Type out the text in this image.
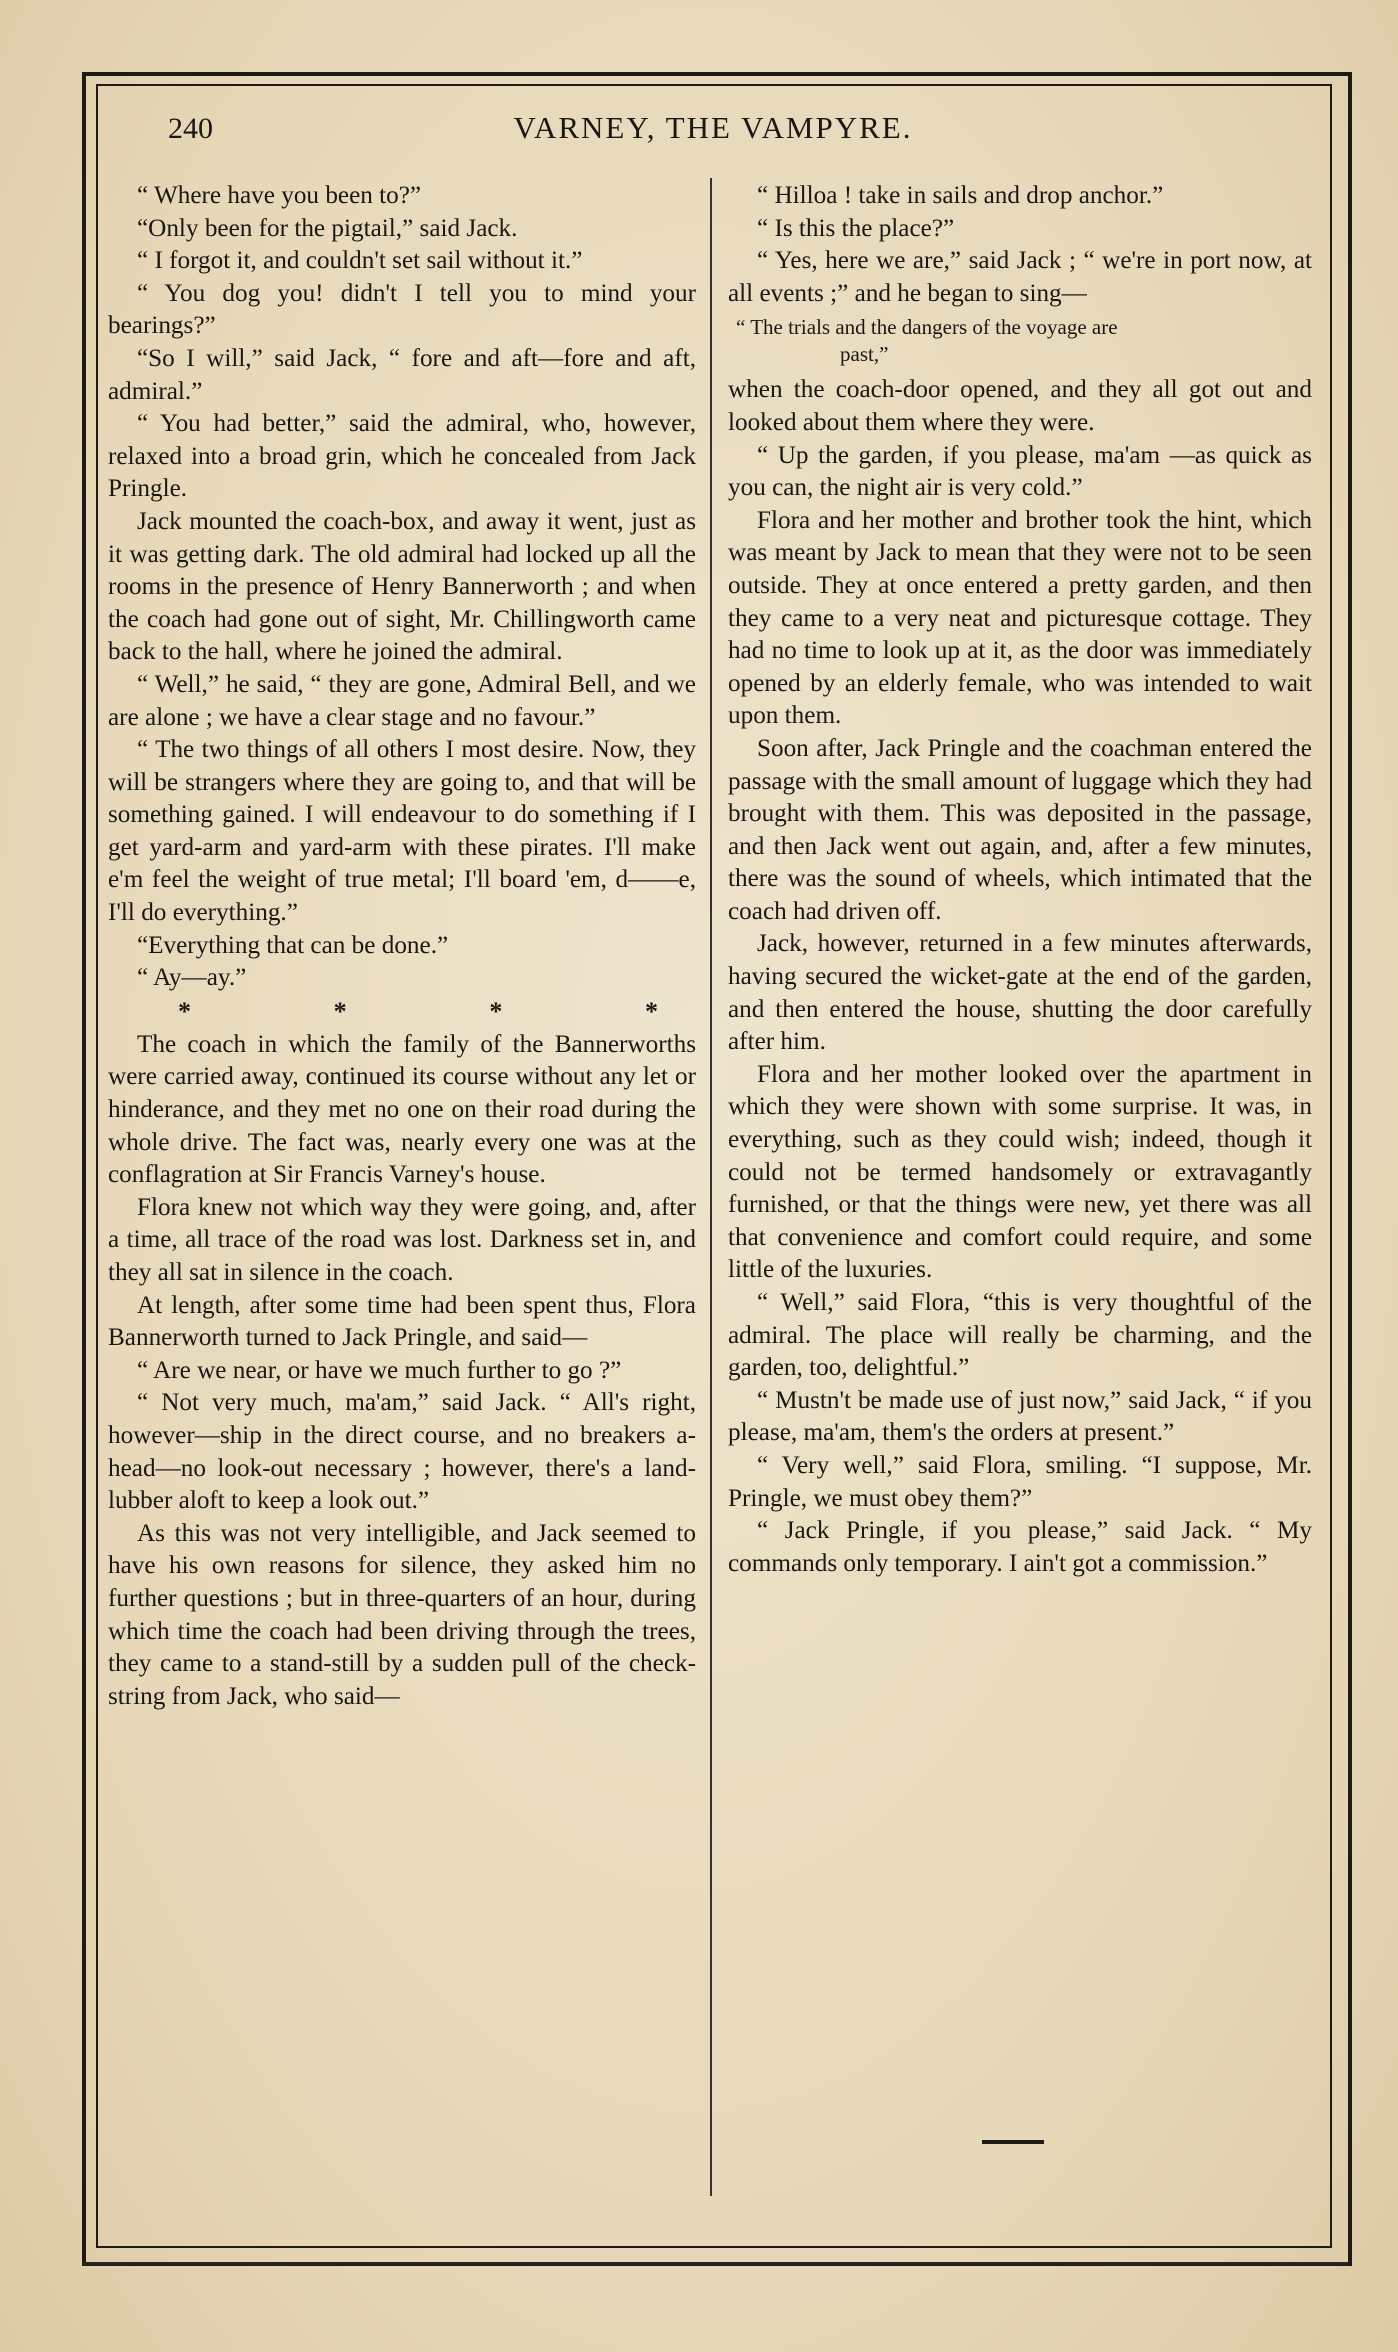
240	VARNEY, THE VAMPYRE.

“ Where have you been to?”

“Only been for the pigtail,” said Jack.

“ I forgot it, and couldn't set sail without it.”

“ You dog you! didn't I tell you to mind your bearings?”

“So I will,” said Jack, “ fore and aft—fore and aft, admiral.”

“ You had better,” said the admiral, who, however, relaxed into a broad grin, which he concealed from Jack Pringle.

Jack mounted the coach-box, and away it went, just as it was getting dark. The old admiral had locked up all the rooms in the presence of Henry Bannerworth ; and when the coach had gone out of sight, Mr. Chillingworth came back to the hall, where he joined the admiral.

“ Well,” he said, “ they are gone, Admiral Bell, and we are alone ; we have a clear stage and no favour.”

“ The two things of all others I most desire. Now, they will be strangers where they are going to, and that will be something gained. I will endeavour to do something if I get yard-arm and yard-arm with these pirates. I'll make e'm feel the weight of true metal; I'll board 'em, d——e, I'll do everything.”

“Everything that can be done.”

“ Ay—ay.”

*	*	*	*

The coach in which the family of the Bannerworths were carried away, continued its course without any let or hinderance, and they met no one on their road during the whole drive. The fact was, nearly every one was at the conflagration at Sir Francis Varney's house.

Flora knew not which way they were going, and, after a time, all trace of the road was lost. Darkness set in, and they all sat in silence in the coach.

At length, after some time had been spent thus, Flora Bannerworth turned to Jack Pringle, and said—

“ Are we near, or have we much further to go ?”

“ Not very much, ma'am,” said Jack. “ All's right, however—ship in the direct course, and no breakers a-head—no look-out necessary ; however, there's a land-lubber aloft to keep a look out.”

As this was not very intelligible, and Jack seemed to have his own reasons for silence, they asked him no further questions ; but in three-quarters of an hour, during which time the coach had been driving through the trees, they came to a stand-still by a sudden pull of the check-string from Jack, who said—

“ Hilloa ! take in sails and drop anchor.”

“ Is this the place?”

“ Yes, here we are,” said Jack ; “ we're in port now, at all events ;” and he began to sing—

“ The trials and the dangers of the voyage are
past,”

when the coach-door opened, and they all got out and looked about them where they were.

“ Up the garden, if you please, ma'am —as quick as you can, the night air is very cold.”

Flora and her mother and brother took the hint, which was meant by Jack to mean that they were not to be seen outside. They at once entered a pretty garden, and then they came to a very neat and picturesque cottage. They had no time to look up at it, as the door was immediately opened by an elderly female, who was intended to wait upon them.

Soon after, Jack Pringle and the coachman entered the passage with the small amount of luggage which they had brought with them. This was deposited in the passage, and then Jack went out again, and, after a few minutes, there was the sound of wheels, which intimated that the coach had driven off.

Jack, however, returned in a few minutes afterwards, having secured the wicket-gate at the end of the garden, and then entered the house, shutting the door carefully after him.

Flora and her mother looked over the apartment in which they were shown with some surprise. It was, in everything, such as they could wish; indeed, though it could not be termed handsomely or extravagantly furnished, or that the things were new, yet there was all that convenience and comfort could require, and some little of the luxuries.

“ Well,” said Flora, “this is very thoughtful of the admiral. The place will really be charming, and the garden, too, delightful.”

“ Mustn't be made use of just now,” said Jack, “ if you please, ma'am, them's the orders at present.”

“ Very well,” said Flora, smiling. “I suppose, Mr. Pringle, we must obey them?”

“ Jack Pringle, if you please,” said Jack. “ My commands only temporary. I ain't got a commission.”
